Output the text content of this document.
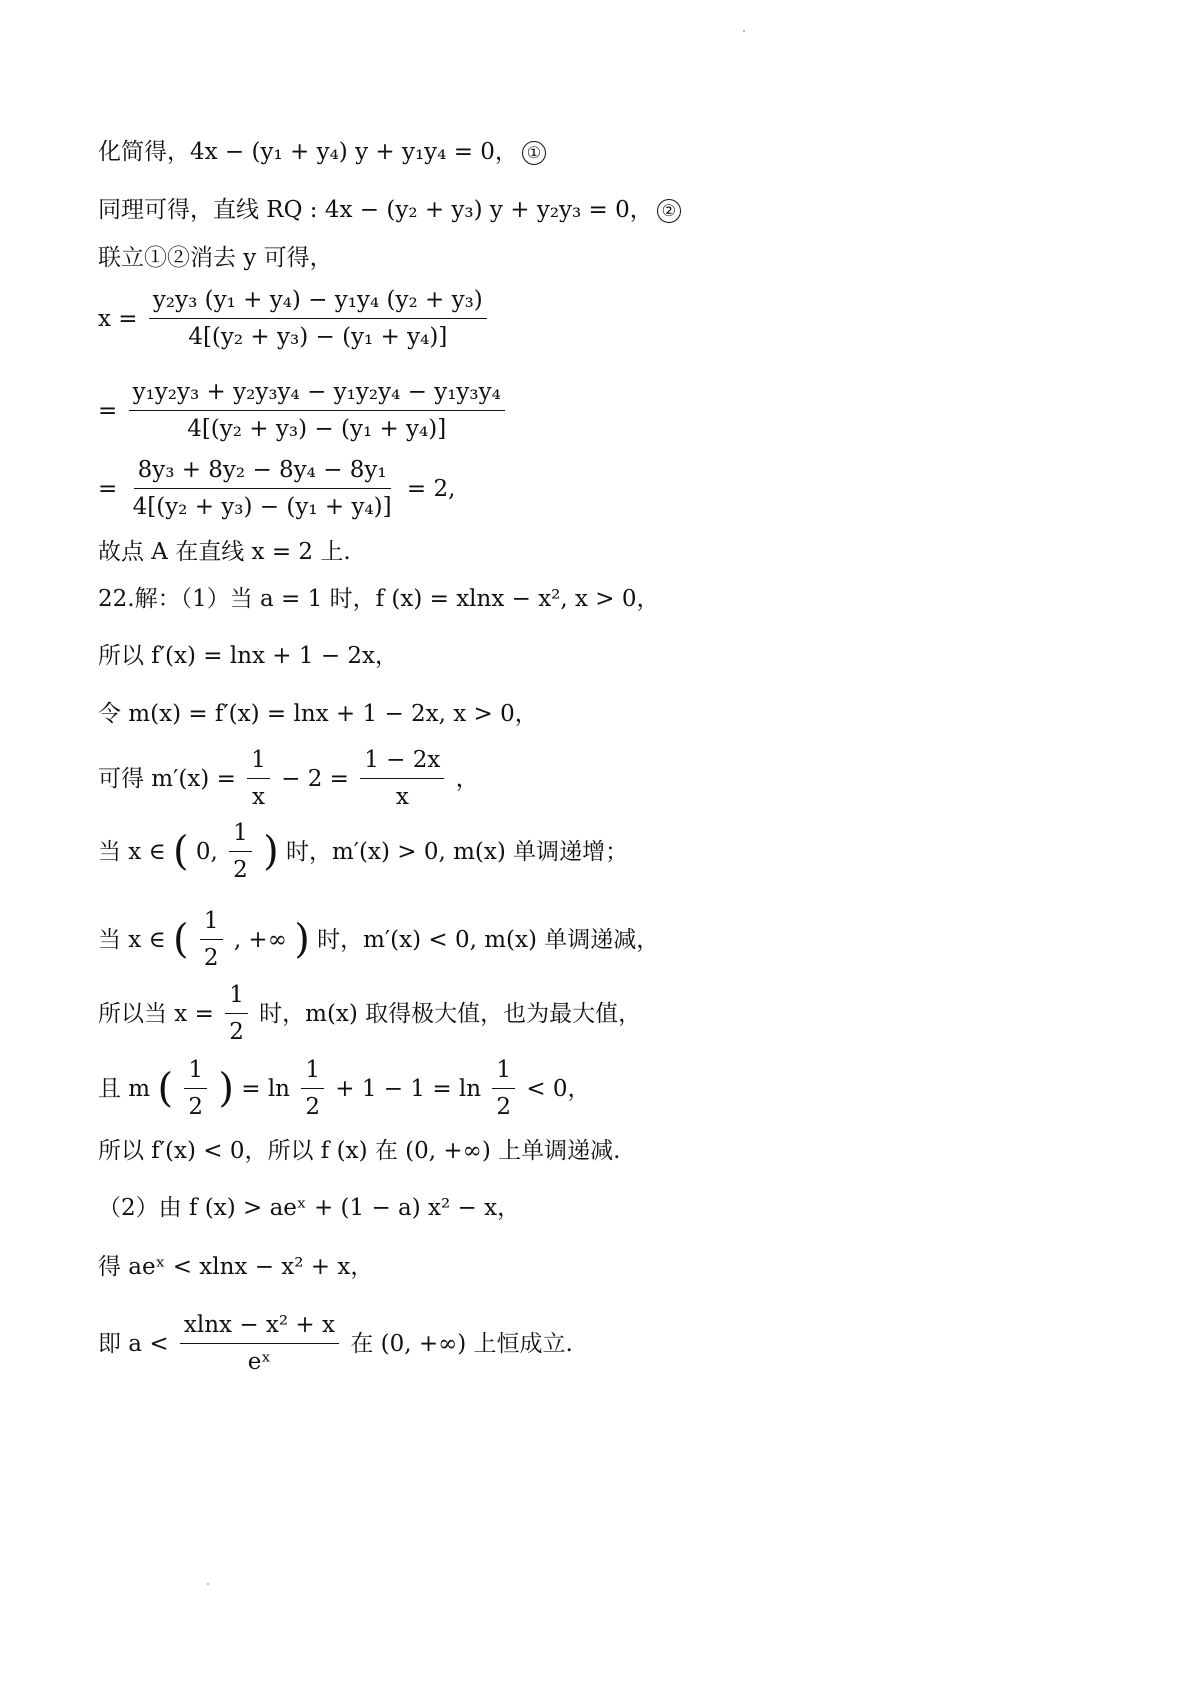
化简得，4x − (y₁ + y₄) y + y₁y₄ = 0， ①
同理可得，直线 RQ : 4x − (y₂ + y₃) y + y₂y₃ = 0， ②
联立①②消去 y 可得，
$x = \frac{\text{y₂y₃ (y₁ + y₄) − y₁y₄ (y₂ + y₃)}}{\text{4[(y₂ + y₃) − (y₁ + y₄)]}}$
= $\frac{\text{y₁y₂y₃ + y₂y₃y₄ − y₁y₂y₄ − y₁y₃y₄}}{\text{4[(y₂ + y₃) − (y₁ + y₄)]}}$
= $\frac{\text{8y₃ + 8y₂ − 8y₄ − 8y₁}}{\text{4[(y₂ + y₃) − (y₁ + y₄)]}} = 2$,
故点 A 在直线 x = 2 上.
22.解：（1）当 a = 1 时，f (x) = xlnx − x², x > 0，
所以 f′(x) = lnx + 1 − 2x，
令 m(x) = f′(x) = lnx + 1 − 2x, x > 0，
可得 $m'(x) = \frac{1}{x} - 2 = \frac{1 - 2x}{x}$ ，
当 x ∈ ( 0, $\frac{1}{2}$ ) 时，m′(x) > 0, m(x) 单调递增；
当 x ∈ ( $\frac{1}{2}$ , +∞ ) 时，m′(x) < 0, m(x) 单调递减，
所以当 $x = \frac{1}{2}$ 时，m(x) 取得极大值，也为最大值，
且 m ( $\frac{1}{2}$ ) = $\ln \frac{1}{2} + 1 - 1 = \ln \frac{1}{2} < 0$，
所以 f′(x) < 0，所以 f (x) 在 (0, +∞) 上单调递减.
（2）由 f (x) > aeˣ + (1 − a) x² − x，
得 aeˣ < xlnx − x² + x，
即 $a < \frac{\text{xlnx − x² + x}}{\text{eˣ}}$ 在 (0, +∞) 上恒成立.
